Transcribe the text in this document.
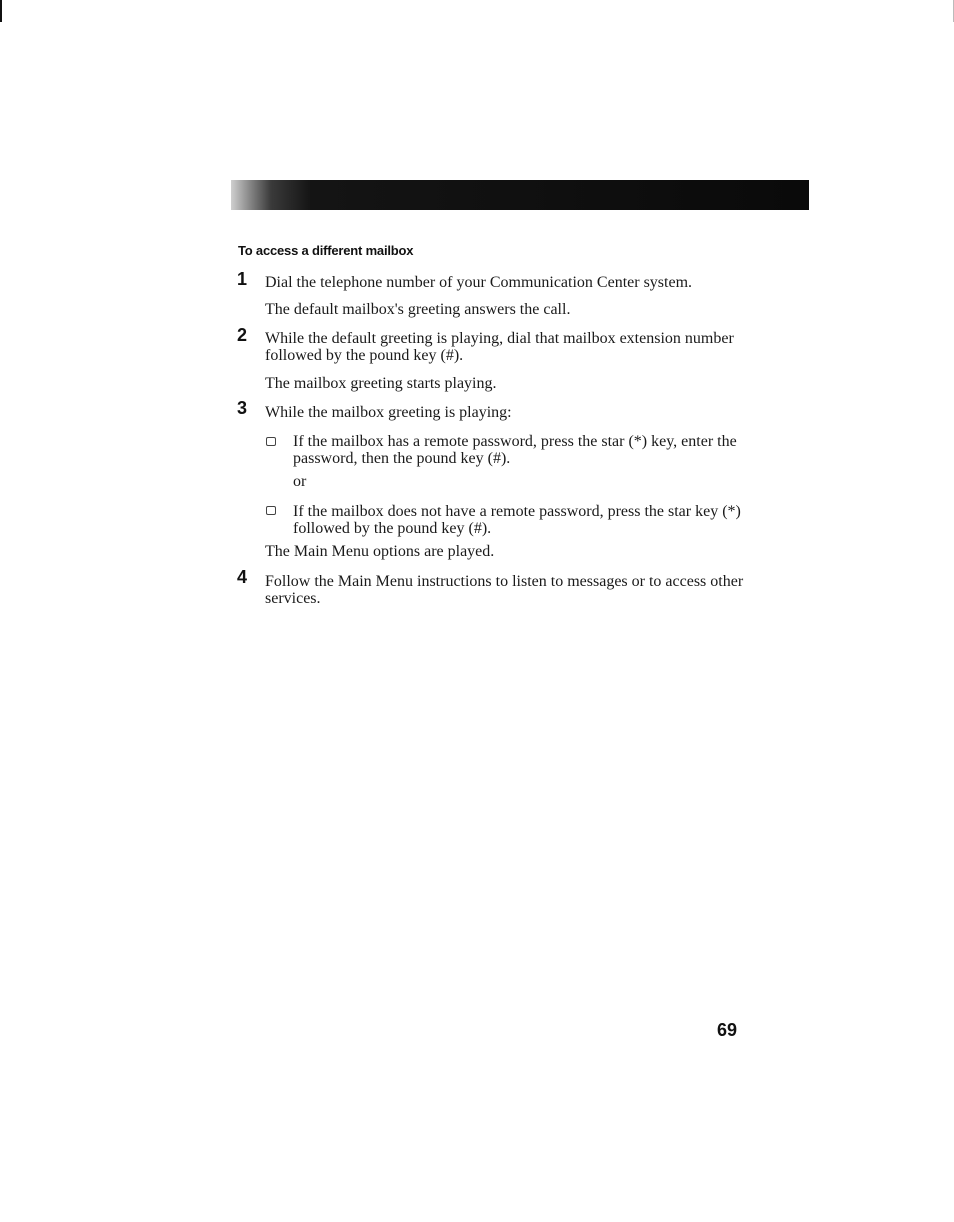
To access a different mailbox
1 Dial the telephone number of your Communication Center system.
The default mailbox's greeting answers the call.
2 While the default greeting is playing, dial that mailbox extension number followed by the pound key (#).
The mailbox greeting starts playing.
3 While the mailbox greeting is playing:
If the mailbox has a remote password, press the star (*) key, enter the password, then the pound key (#).
or
If the mailbox does not have a remote password, press the star key (*) followed by the pound key (#).
The Main Menu options are played.
4 Follow the Main Menu instructions to listen to messages or to access other services.
69
